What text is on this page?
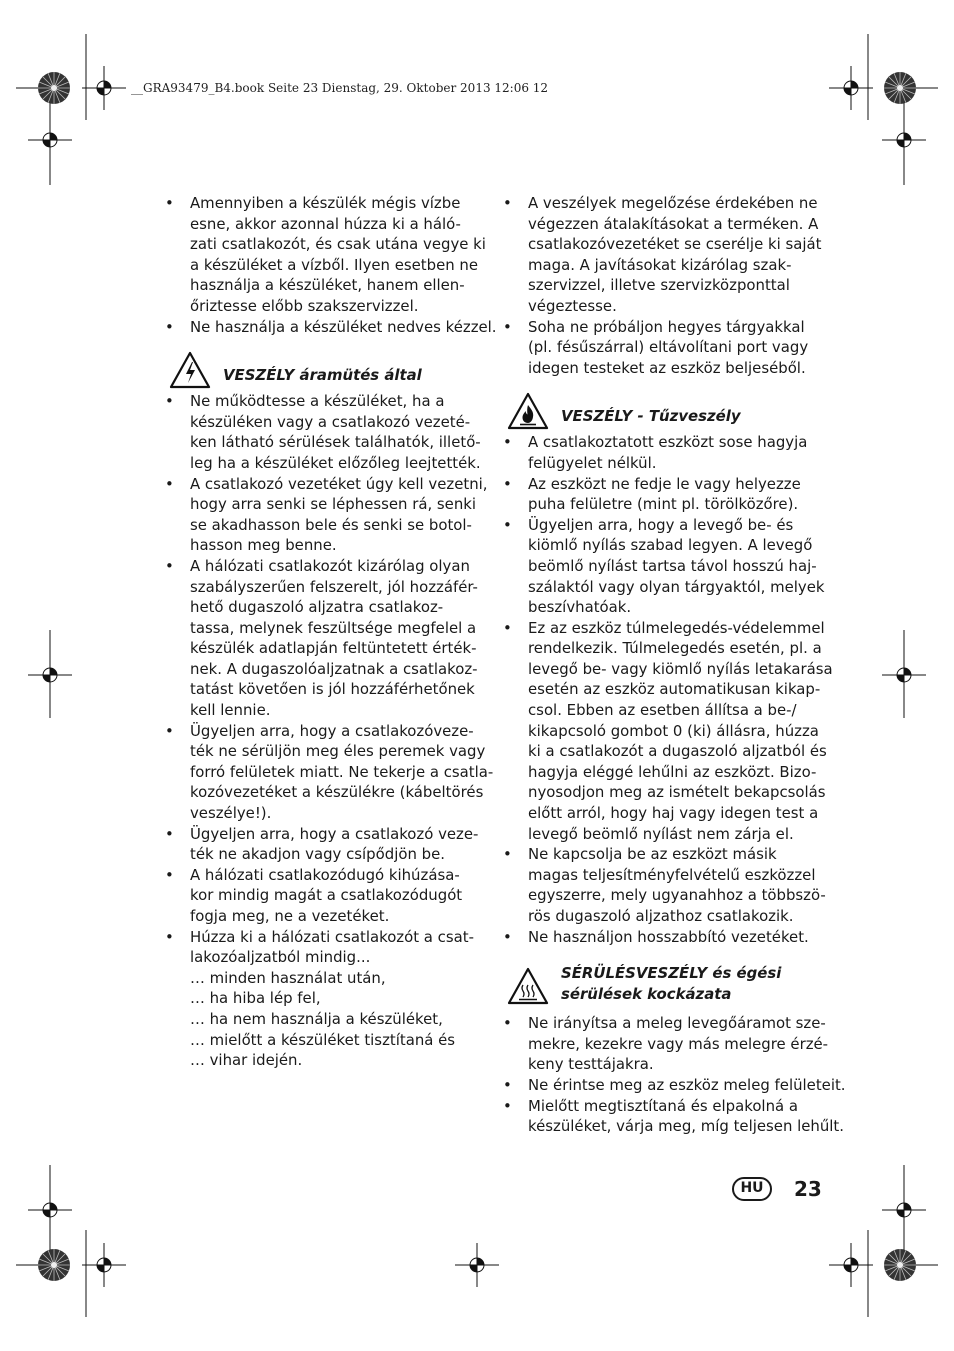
__GRA93479_B4.book Seite 23 Dienstag, 29. Oktober 2013 12:06 12
• Amennyiben a készülék mégis vízbe
esne, akkor azonnal húzza ki a háló-
zati csatlakozót, és csak utána vegye ki
a készüléket a vízből. Ilyen esetben ne
használja a készüléket, hanem ellen-
őriztesse előbb szakszervizzel.
• Ne használja a készüléket nedves kézzel.
VESZÉLY áramütés által
• Ne működtesse a készüléket, ha a
készüléken vagy a csatlakozó vezeté-
ken látható sérülések találhatók, illető-
leg ha a készüléket előzőleg leejtették.
• A csatlakozó vezetéket úgy kell vezetni,
hogy arra senki se léphessen rá, senki
se akadhasson bele és senki se botol-
hasson meg benne.
• A hálózati csatlakozót kizárólag olyan
szabályszerűen felszerelt, jól hozzáfér-
hető dugaszoló aljzatra csatlakoz-
tassa, melynek feszültsége megfelel a
készülék adatlapján feltüntetett érték-
nek. A dugaszolóaljzatnak a csatlakoz-
tatást követően is jól hozzáférhetőnek
kell lennie.
• Ügyeljen arra, hogy a csatlakozóveze-
ték ne sérüljön meg éles peremek vagy
forró felületek miatt. Ne tekerje a csatla-
kozóvezetéket a készülékre (kábeltörés
veszélye!).
• Ügyeljen arra, hogy a csatlakozó veze-
ték ne akadjon vagy csípődjön be.
• A hálózati csatlakozódugó kihúzása-
kor mindig magát a csatlakozódugót
fogja meg, ne a vezetéket.
• Húzza ki a hálózati csatlakozót a csat-
lakozóaljzatból mindig...
… minden használat után,
… ha hiba lép fel,
… ha nem használja a készüléket,
… mielőtt a készüléket tisztítaná és
… vihar idején.
• A veszélyek megelőzése érdekében ne
végezzen átalakításokat a terméken. A
csatlakozóvezetéket se cserélje ki saját
maga. A javításokat kizárólag szak-
szervizzel, illetve szervizközponttal
végeztesse.
• Soha ne próbáljon hegyes tárgyakkal
(pl. fésűszárral) eltávolítani port vagy
idegen testeket az eszköz beljeséből.
VESZÉLY - Tűzveszély
• A csatlakoztatott eszközt sose hagyja
felügyelet nélkül.
• Az eszközt ne fedje le vagy helyezze
puha felületre (mint pl. törölközőre).
• Ügyeljen arra, hogy a levegő be- és
kiömlő nyílás szabad legyen. A levegő
beömlő nyílást tartsa távol hosszú haj-
szálaktól vagy olyan tárgyaktól, melyek
beszívhatóak.
• Ez az eszköz túlmelegedés-védelemmel
rendelkezik. Túlmelegedés esetén, pl. a
levegő be- vagy kiömlő nyílás letakarása
esetén az eszköz automatikusan kikap-
csol. Ebben az esetben állítsa a be-/
kikapcsoló gombot 0 (ki) állásra, húzza
ki a csatlakozót a dugaszoló aljzatból és
hagyja eléggé lehűlni az eszközt. Bizo-
nyosodjon meg az ismételt bekapcsolás
előtt arról, hogy haj vagy idegen test a
levegő beömlő nyílást nem zárja el.
• Ne kapcsolja be az eszközt másik
magas teljesítményfelvételű eszközzel
egyszerre, mely ugyanahhoz a többszö-
rös dugaszoló aljzathoz csatlakozik.
• Ne használjon hosszabbító vezetéket.
SÉRÜLÉSVESZÉLY és égési
sérülések kockázata
• Ne irányítsa a meleg levegőáramot sze-
mekre, kezekre vagy más melegre érzé-
keny testtájakra.
• Ne érintse meg az eszköz meleg felületeit.
• Mielőtt megtisztítaná és elpakolná a
készüléket, várja meg, míg teljesen lehűlt.
HU	23
